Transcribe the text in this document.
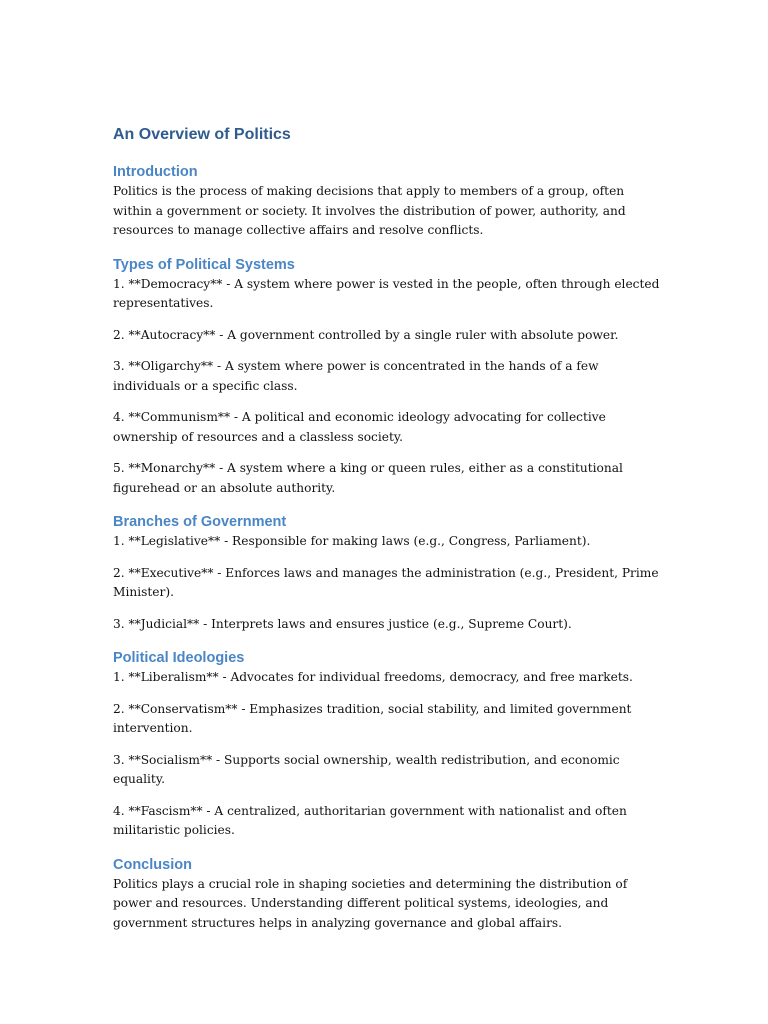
An Overview of Politics
Introduction

Politics is the process of making decisions that apply to members of a group, often within a government or society. It involves the distribution of power, authority, and resources to manage collective affairs and resolve conflicts.

Types of Political Systems

1. **Democracy** - A system where power is vested in the people, often through elected representatives.

2. **Autocracy** - A government controlled by a single ruler with absolute power.

3. **Oligarchy** - A system where power is concentrated in the hands of a few individuals or a specific class.

4. **Communism** - A political and economic ideology advocating for collective ownership of resources and a classless society.

5. **Monarchy** - A system where a king or queen rules, either as a constitutional figurehead or an absolute authority.

Branches of Government

1. **Legislative** - Responsible for making laws (e.g., Congress, Parliament).

2. **Executive** - Enforces laws and manages the administration (e.g., President, Prime Minister).

3. **Judicial** - Interprets laws and ensures justice (e.g., Supreme Court).

Political Ideologies

1. **Liberalism** - Advocates for individual freedoms, democracy, and free markets.

2. **Conservatism** - Emphasizes tradition, social stability, and limited government intervention.

3. **Socialism** - Supports social ownership, wealth redistribution, and economic equality.

4. **Fascism** - A centralized, authoritarian government with nationalist and often militaristic policies.

Conclusion

Politics plays a crucial role in shaping societies and determining the distribution of power and resources. Understanding different political systems, ideologies, and government structures helps in analyzing governance and global affairs.
